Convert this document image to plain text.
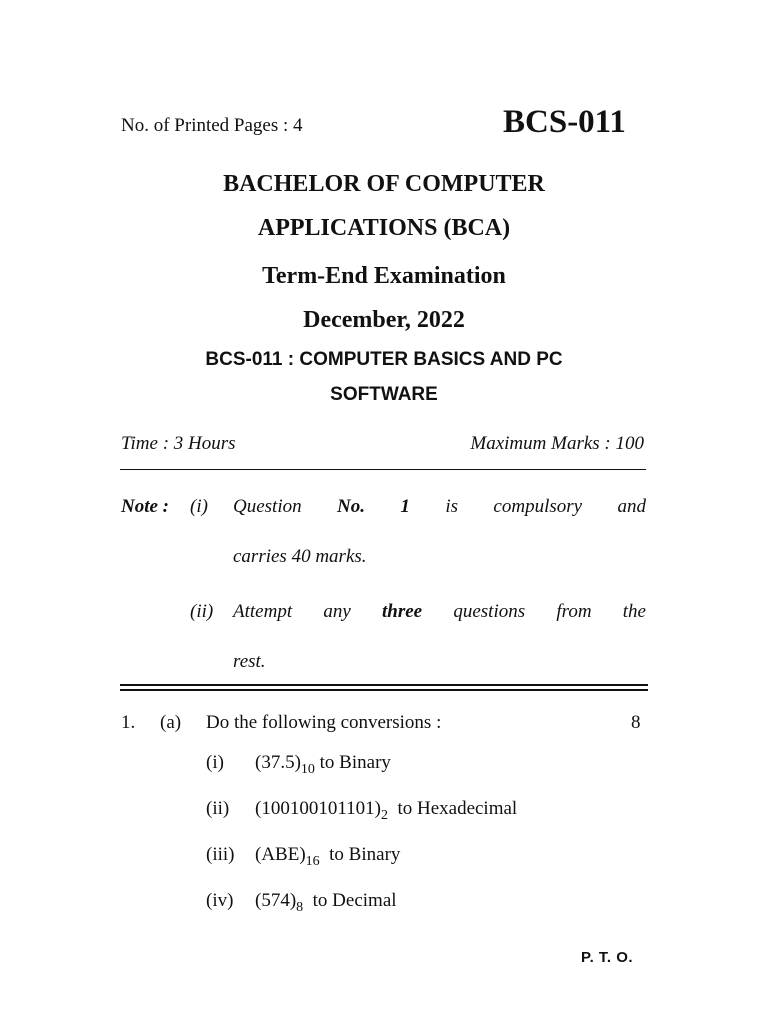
No. of Printed Pages : 4	BCS-011
BACHELOR OF COMPUTER
APPLICATIONS (BCA)
Term-End Examination
December, 2022
BCS-011 : COMPUTER BASICS AND PC
SOFTWARE
Time : 3 Hours	Maximum Marks : 100
Note : (i) Question No. 1 is compulsory and
carries 40 marks.
(ii) Attempt any three questions from the
rest.
1. (a) Do the following conversions :	8
(i) $(37.5)_{10}$ to Binary
(ii) $(100100101101)_2$ to Hexadecimal
(iii) $(ABE)_{16}$ to Binary
(iv) $(574)_8$ to Decimal
P. T. O.
